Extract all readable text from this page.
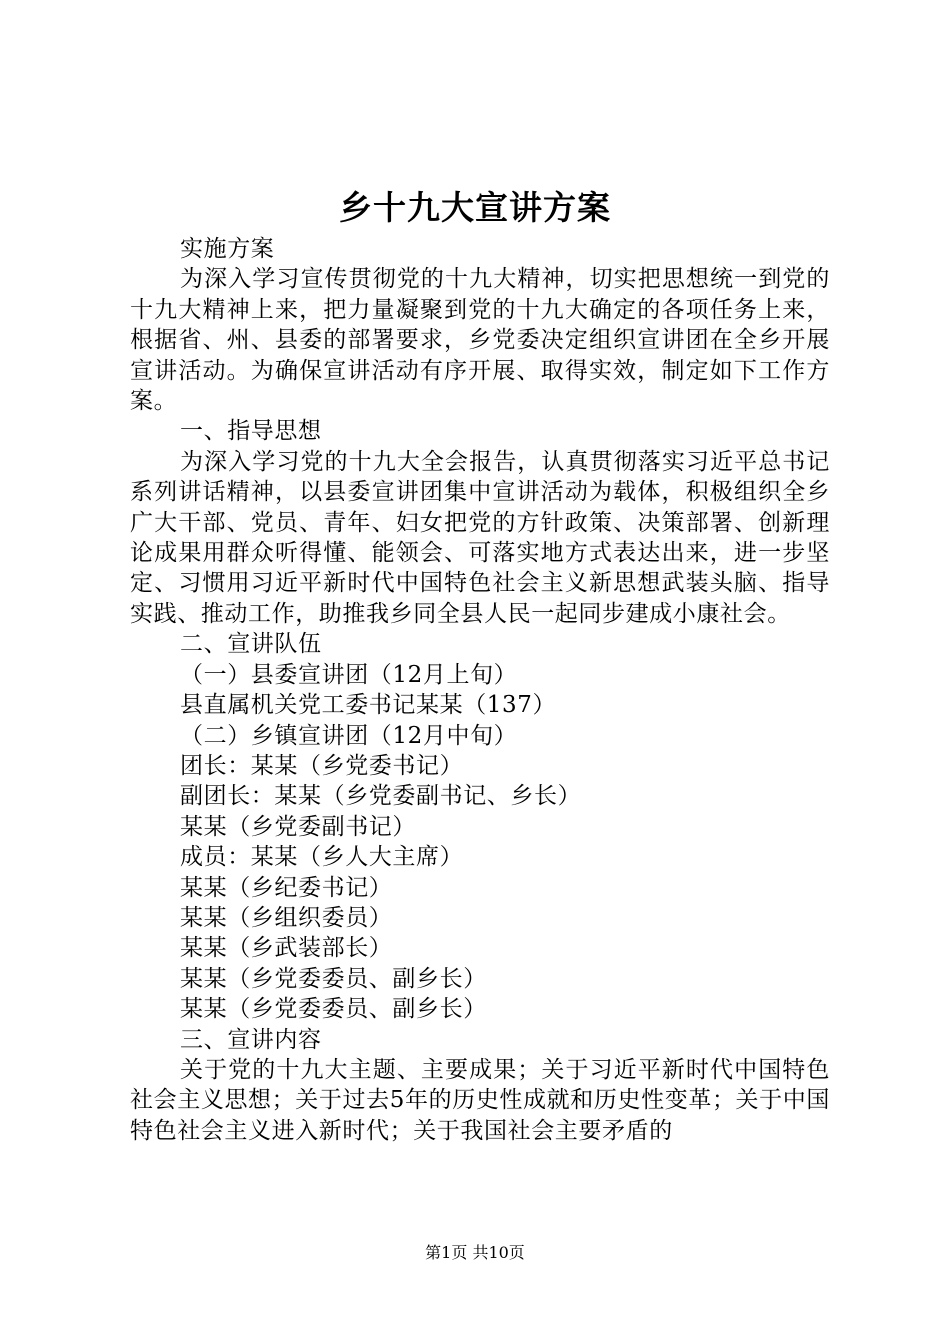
乡十九大宣讲方案

实施方案

为深入学习宣传贯彻党的十九大精神，切实把思想统一到党的十九大精神上来，把力量凝聚到党的十九大确定的各项任务上来，根据省、州、县委的部署要求，乡党委决定组织宣讲团在全乡开展宣讲活动。为确保宣讲活动有序开展、取得实效，制定如下工作方案。

一、指导思想

为深入学习党的十九大全会报告，认真贯彻落实习近平总书记系列讲话精神，以县委宣讲团集中宣讲活动为载体，积极组织全乡广大干部、党员、青年、妇女把党的方针政策、决策部署、创新理论成果用群众听得懂、能领会、可落实地方式表达出来，进一步坚定、习惯用习近平新时代中国特色社会主义新思想武装头脑、指导实践、推动工作，助推我乡同全县人民一起同步建成小康社会。

二、宣讲队伍

（一）县委宣讲团（12月上旬）

县直属机关党工委书记某某（137）

（二）乡镇宣讲团（12月中旬）

团长：某某（乡党委书记）

副团长：某某（乡党委副书记、乡长）

某某（乡党委副书记）

成员：某某（乡人大主席）

某某（乡纪委书记）

某某（乡组织委员）

某某（乡武装部长）

某某（乡党委委员、副乡长）

某某（乡党委委员、副乡长）

三、宣讲内容

关于党的十九大主题、主要成果；关于习近平新时代中国特色社会主义思想；关于过去5年的历史性成就和历史性变革；关于中国特色社会主义进入新时代；关于我国社会主要矛盾的

第1页 共10页
